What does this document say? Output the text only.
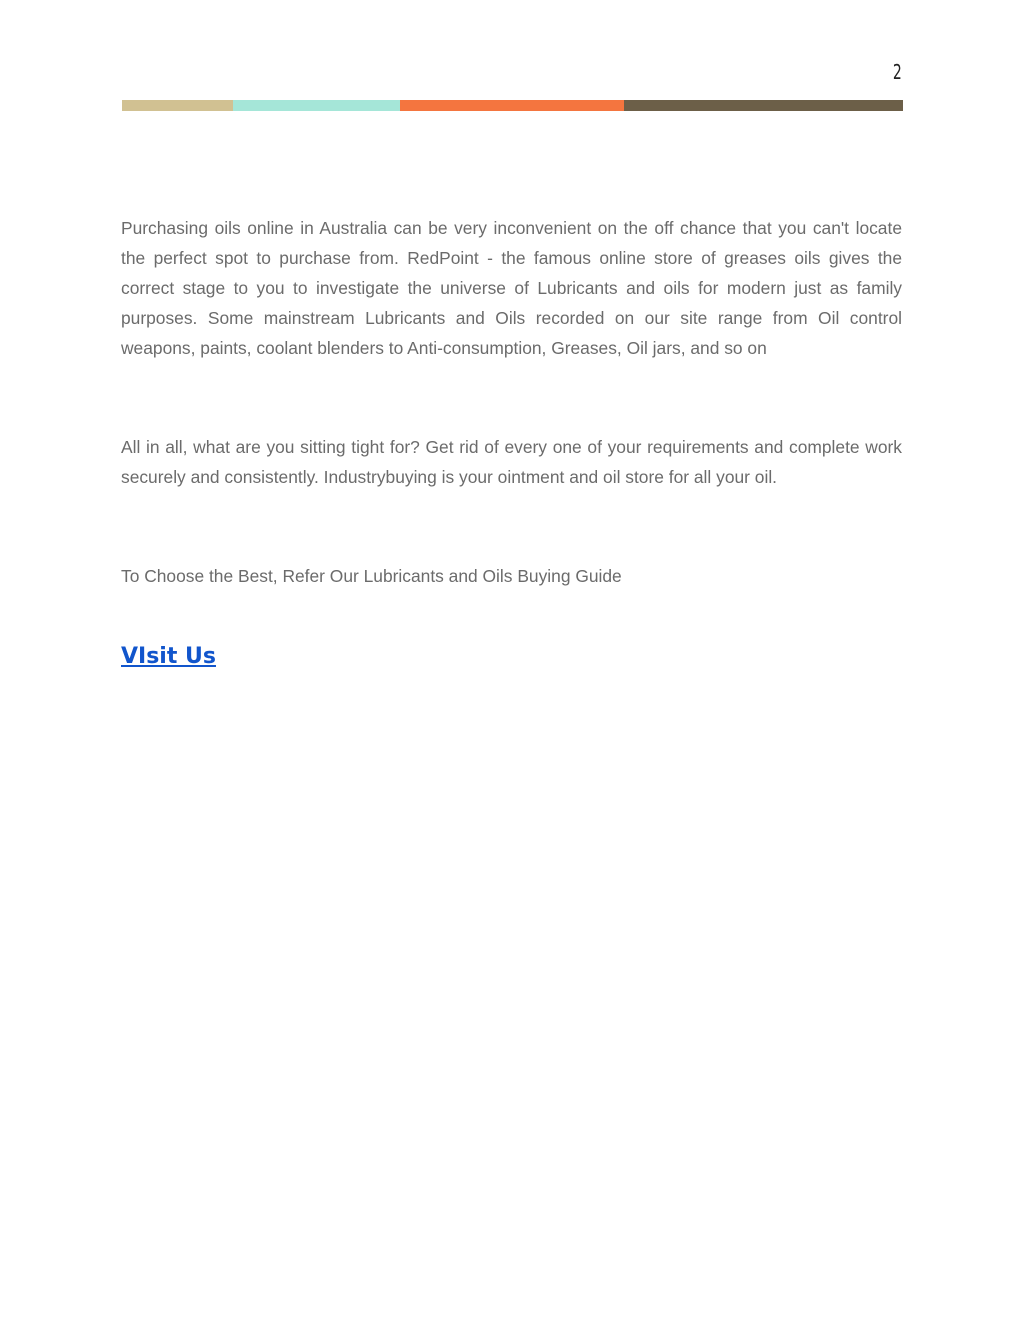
2

Purchasing oils online in Australia can be very inconvenient on the off chance that you can't locate the perfect spot to purchase from. RedPoint - the famous online store of greases oils gives the correct stage to you to investigate the universe of Lubricants and oils for modern just as family purposes. Some mainstream Lubricants and Oils recorded on our site range from Oil control weapons, paints, coolant blenders to Anti-consumption, Greases, Oil jars, and so on

All in all, what are you sitting tight for? Get rid of every one of your requirements and complete work securely and consistently. Industrybuying is your ointment and oil store for all your oil.

To Choose the Best, Refer Our Lubricants and Oils Buying Guide

VIsit Us
